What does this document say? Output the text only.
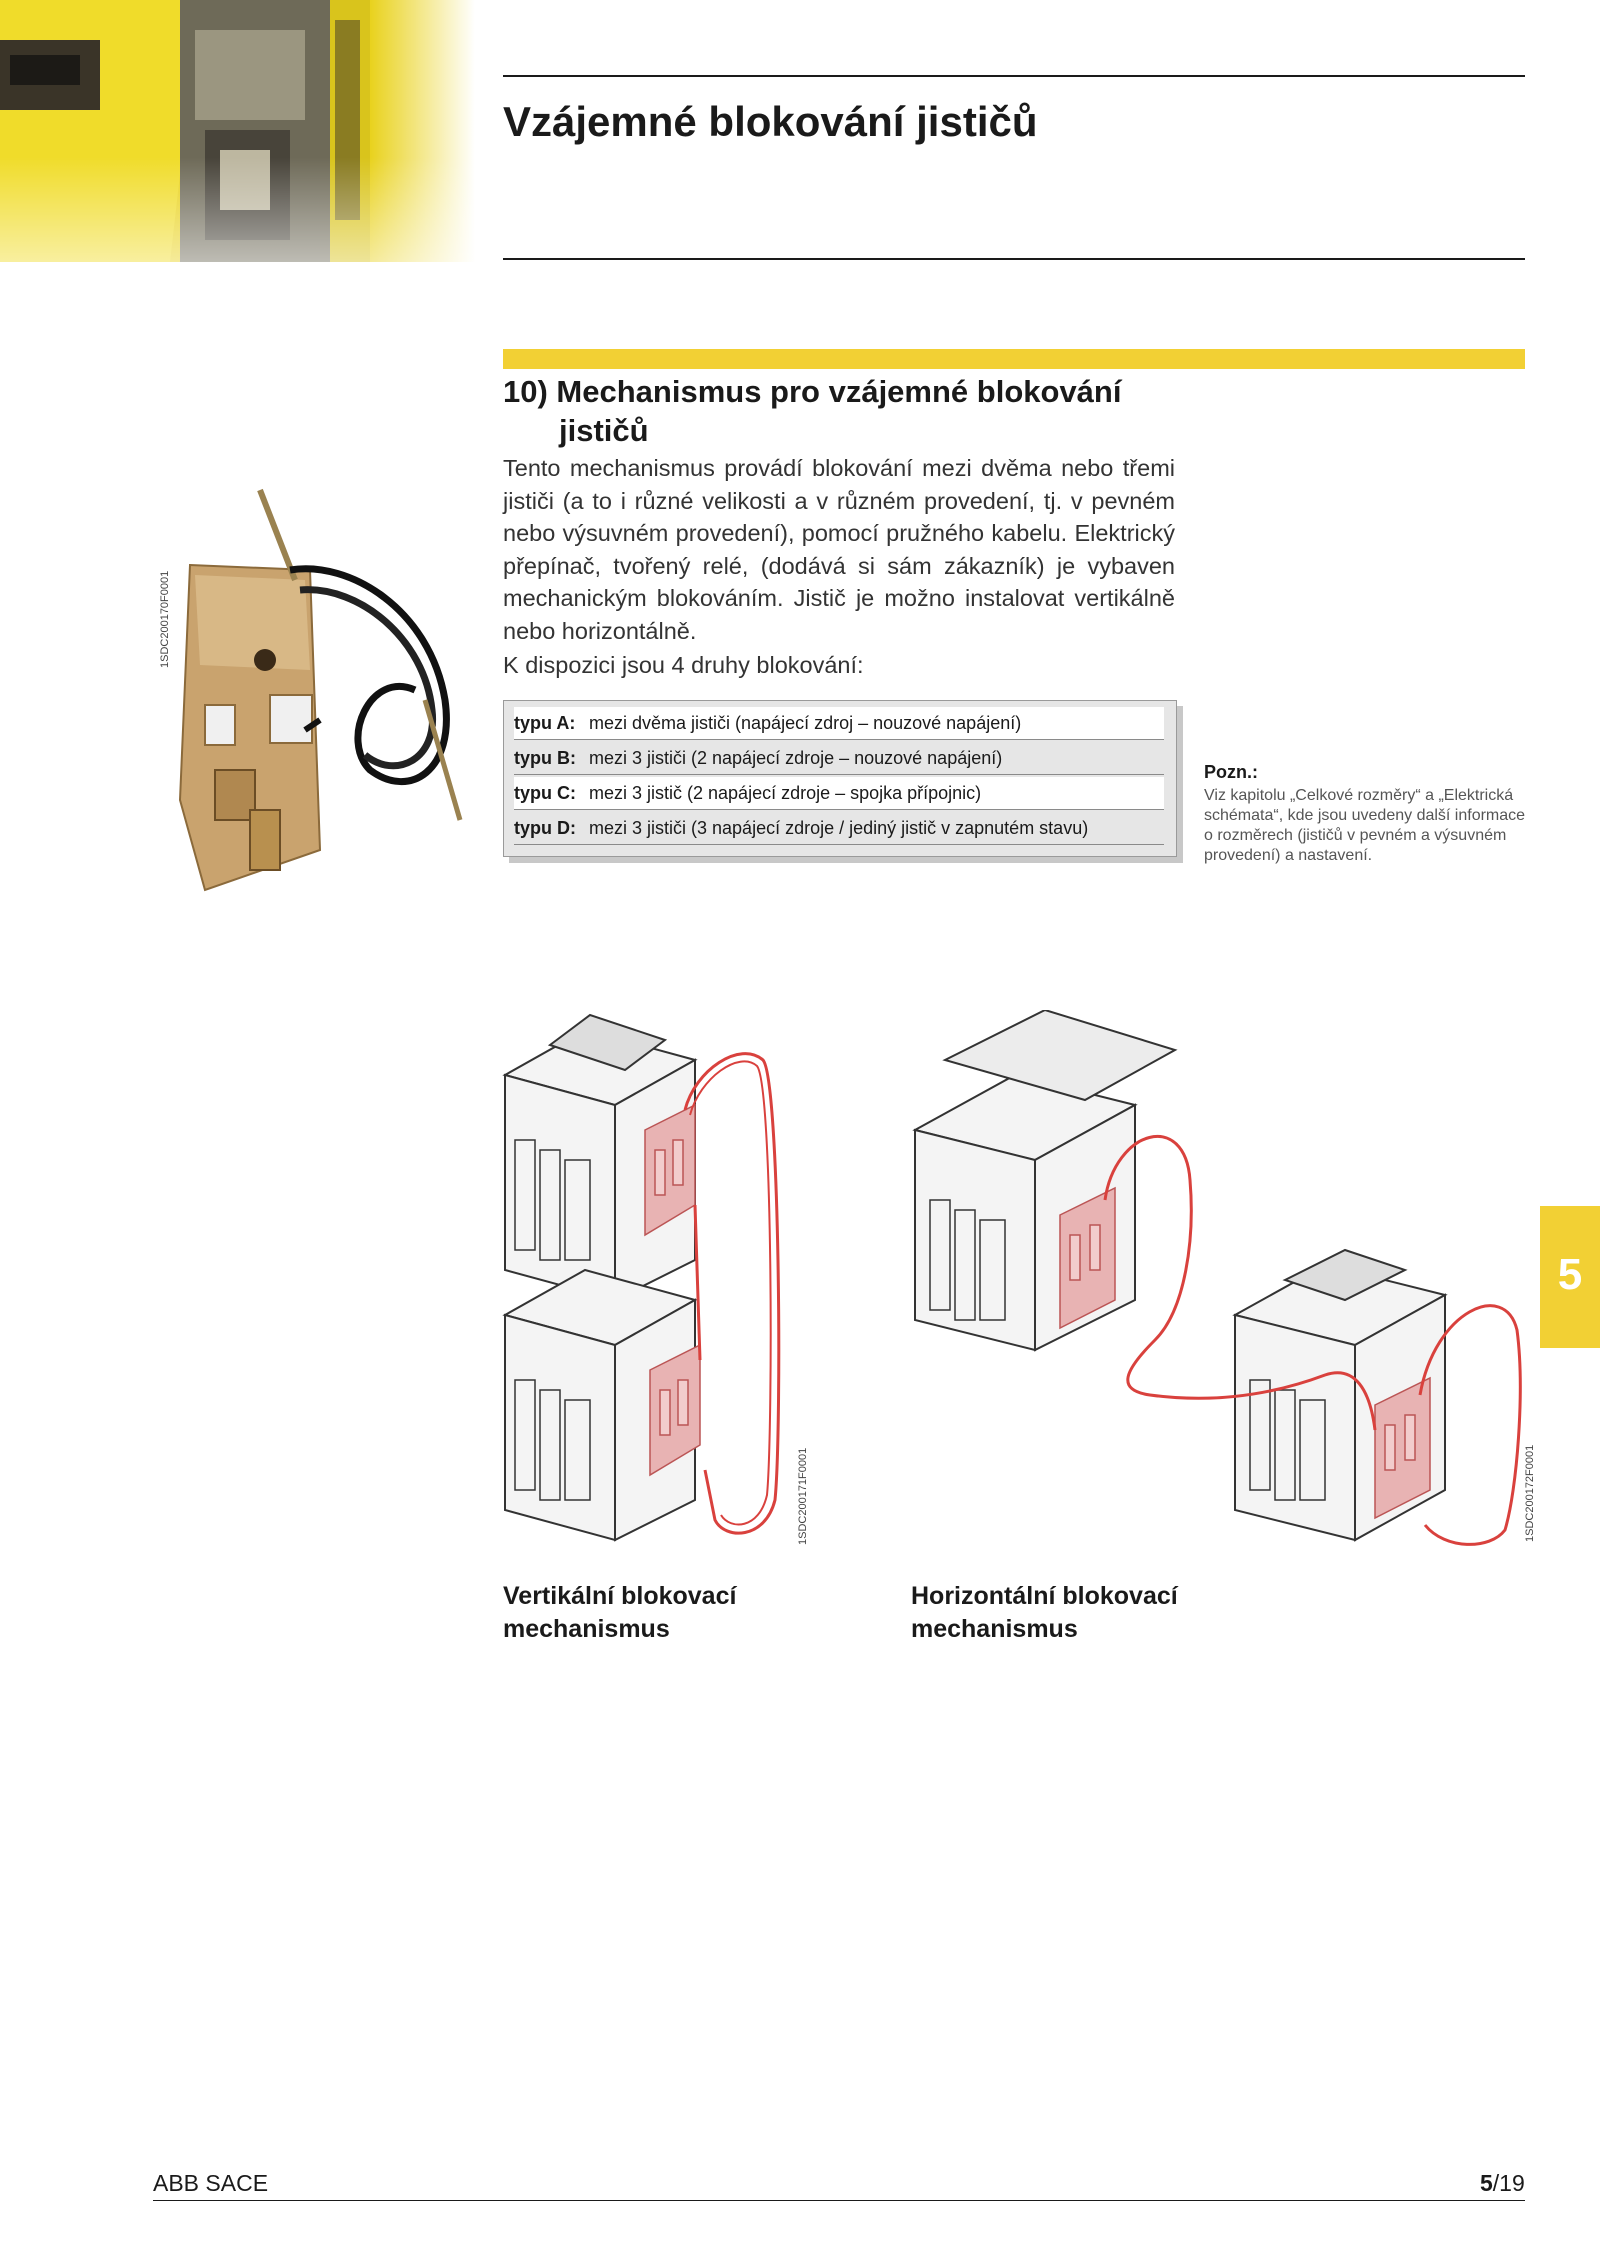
Vzájemné blokování jističů
10) Mechanismus pro vzájemné blokování
jističů
Tento mechanismus provádí blokování mezi dvěma nebo třemi jističi (a to i různé velikosti a v různém provedení, tj. v pevném nebo výsuvném provedení), pomocí pružného kabelu. Elektrický přepínač, tvořený relé, (dodává si sám zákazník) je vybaven mechanickým blokováním. Jistič je možno instalovat vertikálně nebo horizontálně.
K dispozici jsou 4 druhy blokování:
typu A: mezi dvěma jističi (napájecí zdroj – nouzové napájení)
typu B: mezi 3 jističi (2 napájecí zdroje – nouzové napájení)
typu C: mezi 3 jistič (2 napájecí zdroje – spojka přípojnic)
typu D: mezi 3 jističi (3 napájecí zdroje / jediný jistič v zapnutém stavu)
Pozn.:
Viz kapitolu „Celkové rozměry“ a „Elektrická schémata“, kde jsou uvedeny další informace o rozměrech (jističů v pevném a výsuvném provedení) a nastavení.
1SDC200170F0001
1SDC200171F0001	1SDC200172F0001
Vertikální blokovací
mechanismus
Horizontální blokovací
mechanismus
5
ABB SACE	5/19
